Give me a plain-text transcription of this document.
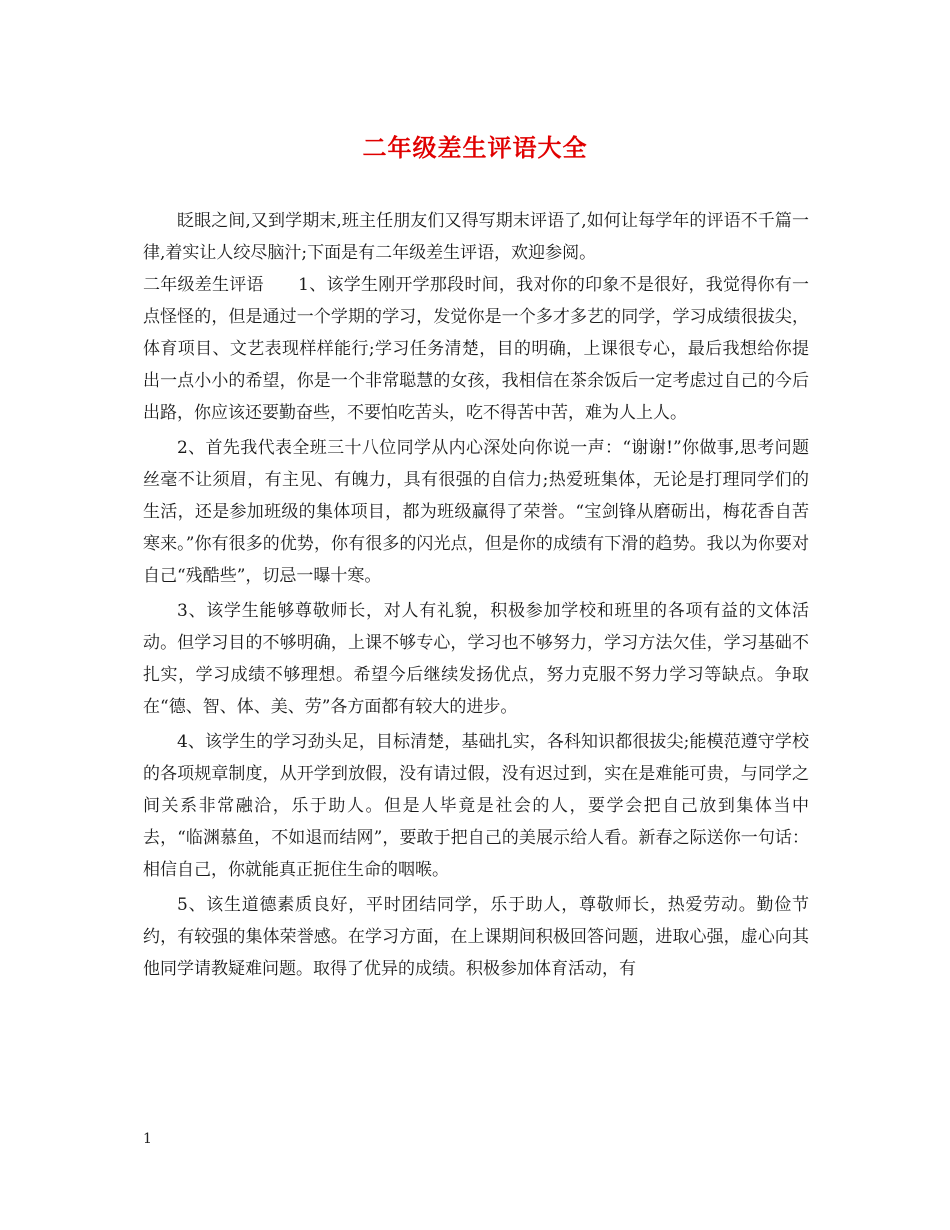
二年级差生评语大全

眨眼之间,又到学期末,班主任朋友们又得写期末评语了,如何让每学年的评语不千篇一律,着实让人绞尽脑汁;下面是有二年级差生评语，欢迎参阅。

二年级差生评语　　1、该学生刚开学那段时间，我对你的印象不是很好，我觉得你有一点怪怪的，但是通过一个学期的学习，发觉你是一个多才多艺的同学，学习成绩很拔尖，体育项目、文艺表现样样能行;学习任务清楚，目的明确，上课很专心，最后我想给你提出一点小小的希望，你是一个非常聪慧的女孩，我相信在茶余饭后一定考虑过自己的今后出路，你应该还要勤奋些，不要怕吃苦头，吃不得苦中苦，难为人上人。

2、首先我代表全班三十八位同学从内心深处向你说一声：“谢谢!”你做事,思考问题丝毫不让须眉，有主见、有魄力，具有很强的自信力;热爱班集体，无论是打理同学们的生活，还是参加班级的集体项目，都为班级赢得了荣誉。“宝剑锋从磨砺出，梅花香自苦寒来。”你有很多的优势，你有很多的闪光点，但是你的成绩有下滑的趋势。我以为你要对自己“残酷些”，切忌一曝十寒。

3、该学生能够尊敬师长，对人有礼貌，积极参加学校和班里的各项有益的文体活动。但学习目的不够明确，上课不够专心，学习也不够努力，学习方法欠佳，学习基础不扎实，学习成绩不够理想。希望今后继续发扬优点，努力克服不努力学习等缺点。争取在“德、智、体、美、劳”各方面都有较大的进步。

4、该学生的学习劲头足，目标清楚，基础扎实，各科知识都很拔尖;能模范遵守学校的各项规章制度，从开学到放假，没有请过假，没有迟过到，实在是难能可贵，与同学之间关系非常融洽，乐于助人。但是人毕竟是社会的人，要学会把自己放到集体当中去，“临渊慕鱼，不如退而结网”，要敢于把自己的美展示给人看。新春之际送你一句话：相信自己，你就能真正扼住生命的咽喉。

5、该生道德素质良好，平时团结同学，乐于助人，尊敬师长，热爱劳动。勤俭节约，有较强的集体荣誉感。在学习方面，在上课期间积极回答问题，进取心强，虚心向其他同学请教疑难问题。取得了优异的成绩。积极参加体育活动，有

1
